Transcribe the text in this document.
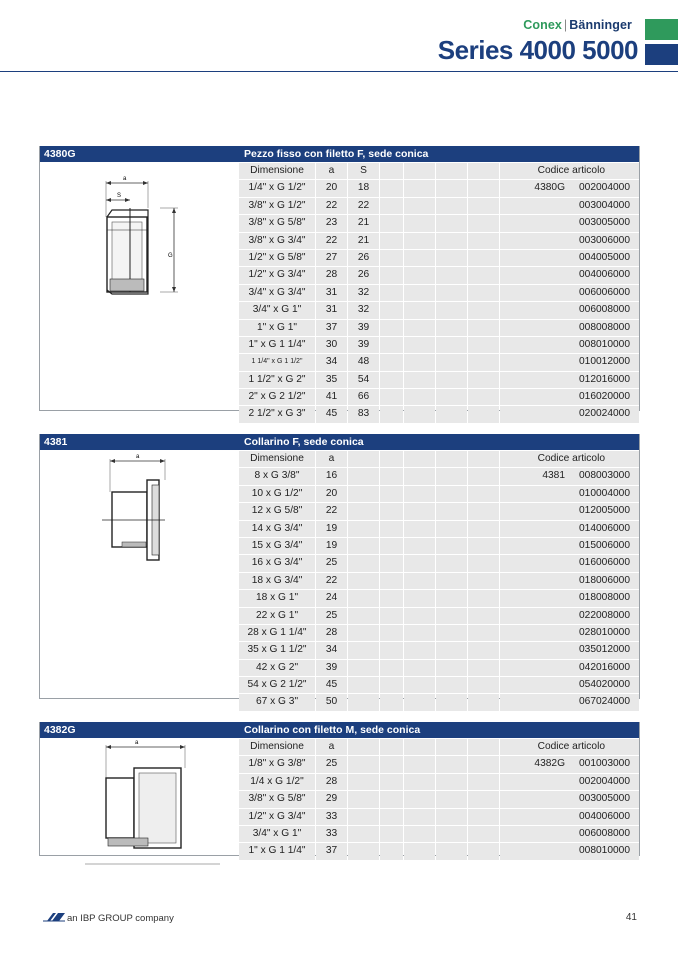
Conex | Bänninger
Series 4000 5000
4380G	Pezzo fisso con filetto F, sede conica
a
S
G
Dimensione	a	S	Codice articolo
1/4" x G 1/2"	20	18	4380G 002004000
3/8" x G 1/2"	22	22	003004000
3/8" x G 5/8"	23	21	003005000
3/8" x G 3/4"	22	21	003006000
1/2" x G 5/8"	27	26	004005000
1/2" x G 3/4"	28	26	004006000
3/4" x G 3/4"	31	32	006006000
3/4" x G 1"	31	32	006008000
1" x G 1"	37	39	008008000
1" x G 1 1/4"	30	39	008010000
1 1/4" x G 1 1/2"	34	48	010012000
1 1/2" x G 2"	35	54	012016000
2" x G 2 1/2"	41	66	016020000
2 1/2" x G 3"	45	83	020024000
4381	Collarino F, sede conica
a	Dimensione	a	Codice articolo
8 x G 3/8"	16	4381 008003000
10 x G 1/2"	20	010004000
12 x G 5/8"	22	012005000
14 x G 3/4"	19	014006000
15 x G 3/4"	19	015006000
16 x G 3/4"	25	016006000
18 x G 3/4"	22	018006000
18 x G 1"	24	018008000
22 x G 1"	25	022008000
28 x G 1 1/4"	28	028010000
35 x G 1 1/2"	34	035012000
42 x G 2"	39	042016000
54 x G 2 1/2"	45	054020000
67 x G 3"	50	067024000
4382G	Collarino con filetto M, sede conica
a	Dimensione	a	Codice articolo
1/8" x G 3/8"	25	4382G 001003000
1/4 x G 1/2"	28	002004000
3/8" x G 5/8"	29	003005000
1/2" x G 3/4"	33	004006000
3/4" x G 1"	33	006008000
1" x G 1 1/4"	37	008010000
an IBP GROUP company	41
